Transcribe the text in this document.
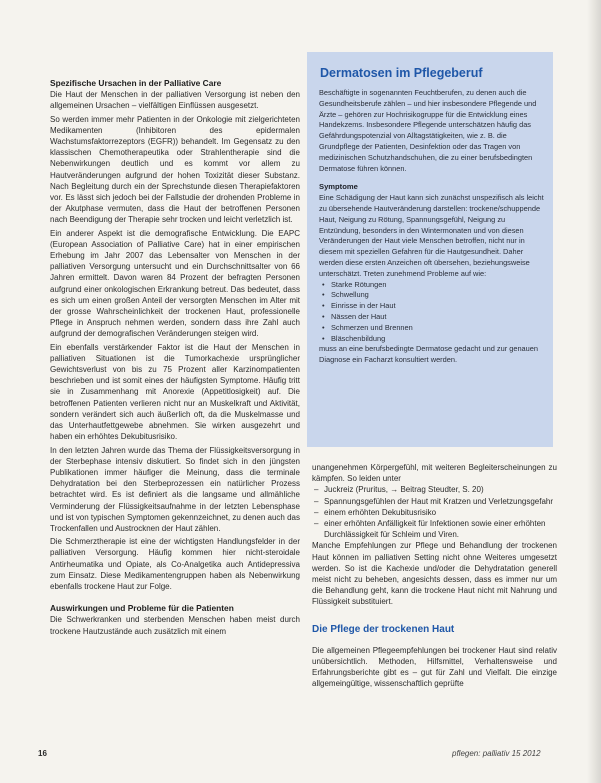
Spezifische Ursachen in der Palliative Care

Die Haut der Menschen in der palliativen Versorgung ist neben den allgemeinen Ursachen – vielfältigen Einflüssen ausgesetzt.

So werden immer mehr Patienten in der Onkologie mit zielgerichteten Medikamenten (Inhibitoren des epidermalen Wachstumsfaktorrezeptors (EGFR)) behandelt. Im Gegensatz zu den klassischen Chemotherapeutika oder Strahlentherapie sind die Nebenwirkungen deutlich und es kommt vor allem zu Hautveränderungen aufgrund der hohen Toxizität dieser Substanz. Nach Begleitung durch ein der Sprechstunde diesen Therapiefaktoren vor. Es lässt sich jedoch bei der Fallstudie der drohenden Probleme in der Akutphase vermuten, dass die Haut der betroffenen Personen nach Beendigung der Therapie sehr trocken und leicht verletzlich ist.

Ein anderer Aspekt ist die demografische Entwicklung. Die EAPC (European Association of Palliative Care) hat in einer empirischen Erhebung im Jahr 2007 das Lebensalter von Menschen in der palliativen Versorgung untersucht und ein Durchschnittsalter von 66 Jahren ermittelt. Davon waren 84 Prozent der befragten Personen aufgrund einer onkologischen Erkrankung betreut. Das bedeutet, dass es sich um einen großen Anteil der versorgten Menschen im Alter mit der grosse Wahrscheinlichkeit der trockenen Haut, professionelle Pflege in Anspruch nehmen werden, sondern dass ihre Zahl auch aufgrund der demografischen Veränderungen steigen wird.

Ein ebenfalls verstärkender Faktor ist die Haut der Menschen in palliativen Situationen ist die Tumorkachexie ursprünglicher Gewichtsverlust von bis zu 75 Prozent aller Karzinompatienten beschrieben und ist somit eines der häufigsten Symptome. Häufig tritt sie in Zusammenhang mit Anorexie (Appetitlosigkeit) auf. Die betroffenen Patienten verlieren nicht nur an Muskelkraft und Aktivität, sondern verändert sich auch äußerlich oft, da die Muskelmasse und das Unterhautfettgewebe abnehmen. Sie wirken ausgezehrt und haben ein erhöhtes Dekubitusrisiko.

In den letzten Jahren wurde das Thema der Flüssigkeitsversorgung in der Sterbephase intensiv diskutiert. So findet sich in den jüngsten Publikationen immer häufiger die Meinung, dass die terminale Dehydratation bei den Sterbeprozessen ein natürlicher Prozess betrachtet wird. Es ist definiert als die langsame und allmähliche Verminderung der Flüssigkeitsaufnahme in der letzten Lebensphase und ist von typischen Symptomen gekennzeichnet, zu denen auch das Trockenfallen und Austrocknen der Haut zählen.

Die Schmerztherapie ist eine der wichtigsten Handlungsfelder in der palliativen Versorgung. Häufig kommen hier nicht-steroidale Antirheumatika und Opiate, als Co-Analgetika auch Antidepressiva zum Einsatz. Diese Medikamentengruppen haben als Nebenwirkung ebenfalls trockene Haut zur Folge.

Auswirkungen und Probleme für die Patienten

Die Schwerkranken und sterbenden Menschen haben meist durch trockene Hautzustände auch zusätzlich mit einem

Dermatosen im Pflegeberuf

Beschäftigte in sogenannten Feuchtberufen, zu denen auch die Gesundheitsberufe zählen – und hier insbesondere Pflegende und Ärzte – gehören zur Hochrisikogruppe für die Entwicklung eines Handekzems. Insbesondere Pflegende unterschätzen häufig das Gefährdungspotenzial von Alltagstätigkeiten, wie z. B. die Grundpflege der Patienten, Desinfektion oder das Tragen von medizinischen Schutzhandschuhen, die zu einer berufsbedingten Dermatose führen können.

Symptome

Eine Schädigung der Haut kann sich zunächst unspezifisch als leicht zu übersehende Hautveränderung darstellen: trockene/schuppende Haut, Neigung zu Rötung, Spannungsgefühl, Neigung zu Entzündung, besonders in den Wintermonaten und von diesen Veränderungen der Haut viele Menschen betroffen, nicht nur in diesem mit speziellen Gefahren für die Hautgesundheit. Daher werden diese ersten Anzeichen oft übersehen, beziehungsweise unterschätzt. Treten zunehmend Probleme auf wie:

• Starke Rötungen
• Schwellung
• Einrisse in der Haut
• Nässen der Haut
• Schmerzen und Brennen
• Bläschenbildung

muss an eine berufsbedingte Dermatose gedacht und zur genauen Diagnose ein Facharzt konsultiert werden.

unangenehmen Körpergefühl, mit weiteren Begleiterscheinungen zu kämpfen. So leiden unter

– Juckreiz (Pruritus, → Beitrag Steudter, S. 20)
– Spannungsgefühlen der Haut mit Kratzen und Verletzungsgefahr
– einem erhöhten Dekubitusrisiko
– einer erhöhten Anfälligkeit für Infektionen sowie einer erhöhten Durchlässigkeit für Schleim und Viren.

Manche Empfehlungen zur Pflege und Behandlung der trockenen Haut können im palliativen Setting nicht ohne Weiteres umgesetzt werden. So ist die Kachexie und/oder die Dehydratation generell meist nicht zu beheben, angesichts dessen, dass es immer nur um die Behandlung geht, kann die trockene Haut nicht mit Nahrung und Flüssigkeit substituiert.

Die Pflege der trockenen Haut

Die allgemeinen Pflegeempfehlungen bei trockener Haut sind relativ unübersichtlich. Methoden, Hilfsmittel, Verhaltensweise und Erfahrungsberichte gibt es – gut für Zahl und Vielfalt. Die einzige allgemeingültige, wissenschaftlich geprüfte

16	pflegen: palliativ 15 2012
